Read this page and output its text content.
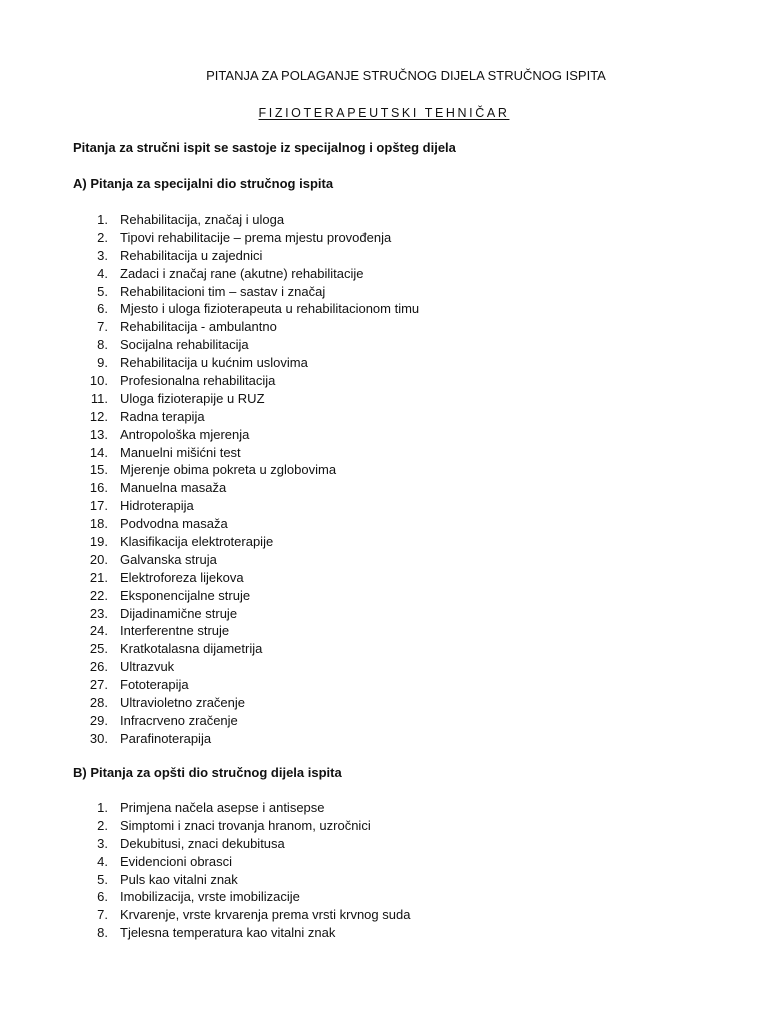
PITANJA ZA POLAGANJE STRUČNOG DIJELA STRUČNOG ISPITA
FIZIOTERAPEUTSKI TEHNIČAR
Pitanja za stručni ispit se sastoje iz specijalnog i opšteg dijela
A) Pitanja za specijalni dio stručnog ispita
1. Rehabilitacija, značaj i uloga
2. Tipovi rehabilitacije – prema mjestu provođenja
3. Rehabilitacija u zajednici
4. Zadaci i značaj rane (akutne) rehabilitacije
5. Rehabilitacioni tim – sastav i značaj
6. Mjesto i uloga fizioterapeuta u rehabilitacionom timu
7. Rehabilitacija - ambulantno
8. Socijalna rehabilitacija
9. Rehabilitacija u kućnim uslovima
10. Profesionalna rehabilitacija
11. Uloga fizioterapije u RUZ
12. Radna terapija
13. Antropološka mjerenja
14. Manuelni mišićni test
15. Mjerenje obima pokreta u zglobovima
16. Manuelna masaža
17. Hidroterapija
18. Podvodna masaža
19. Klasifikacija elektroterapije
20. Galvanska struja
21. Elektroforeza lijekova
22. Eksponencijalne struje
23. Dijadinamične struje
24. Interferentne struje
25. Kratkotalasna dijametrija
26. Ultrazvuk
27. Fototerapija
28. Ultravioletno zračenje
29. Infracrveno zračenje
30. Parafinoterapija
B) Pitanja za opšti dio stručnog dijela ispita
1. Primjena načela asepse i antisepse
2. Simptomi i znaci trovanja hranom, uzročnici
3. Dekubitusi, znaci dekubitusa
4. Evidencioni obrasci
5. Puls kao vitalni znak
6. Imobilizacija, vrste imobilizacije
7. Krvarenje, vrste krvarenja prema vrsti krvnog suda
8. Tjelesna temperatura kao vitalni znak
